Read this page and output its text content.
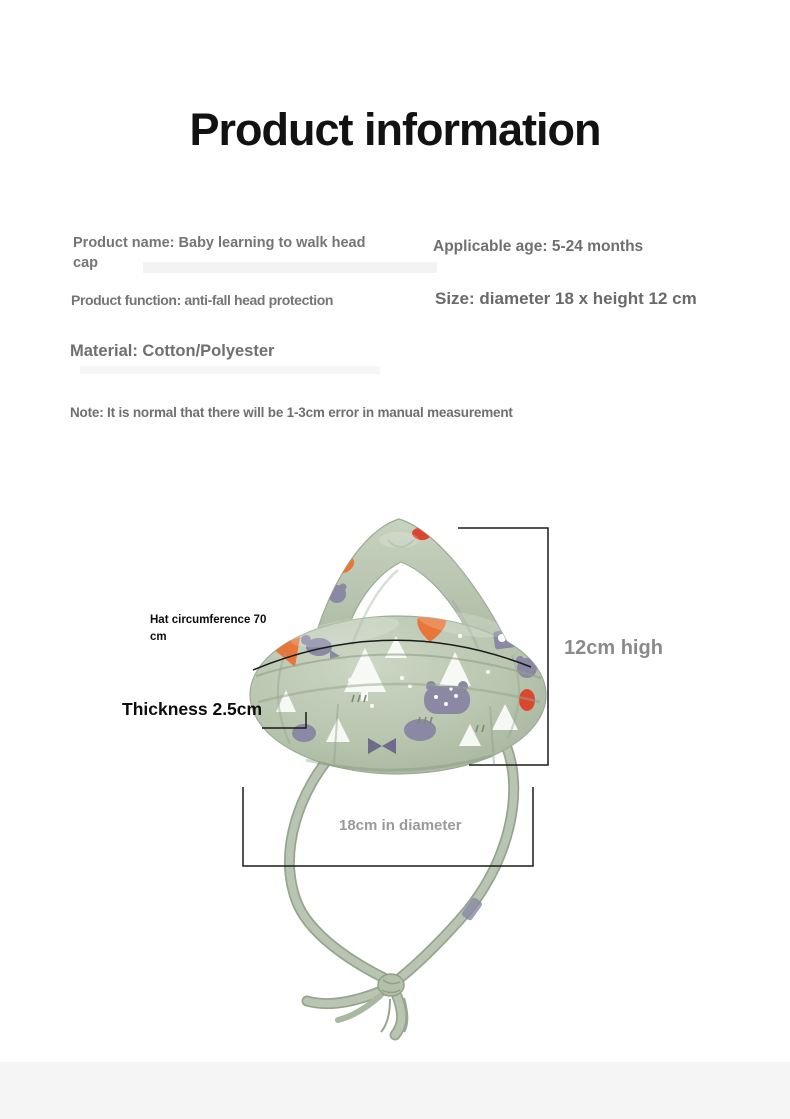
Product information
Product name: Baby learning to walk head cap
Applicable age: 5-24 months
Product function: anti-fall head protection	Size: diameter 18 x height 12 cm
Material: Cotton/Polyester
Note: It is normal that there will be 1-3cm error in manual measurement
Hat circumference 70 cm
Thickness 2.5cm
12cm high
18cm in diameter
